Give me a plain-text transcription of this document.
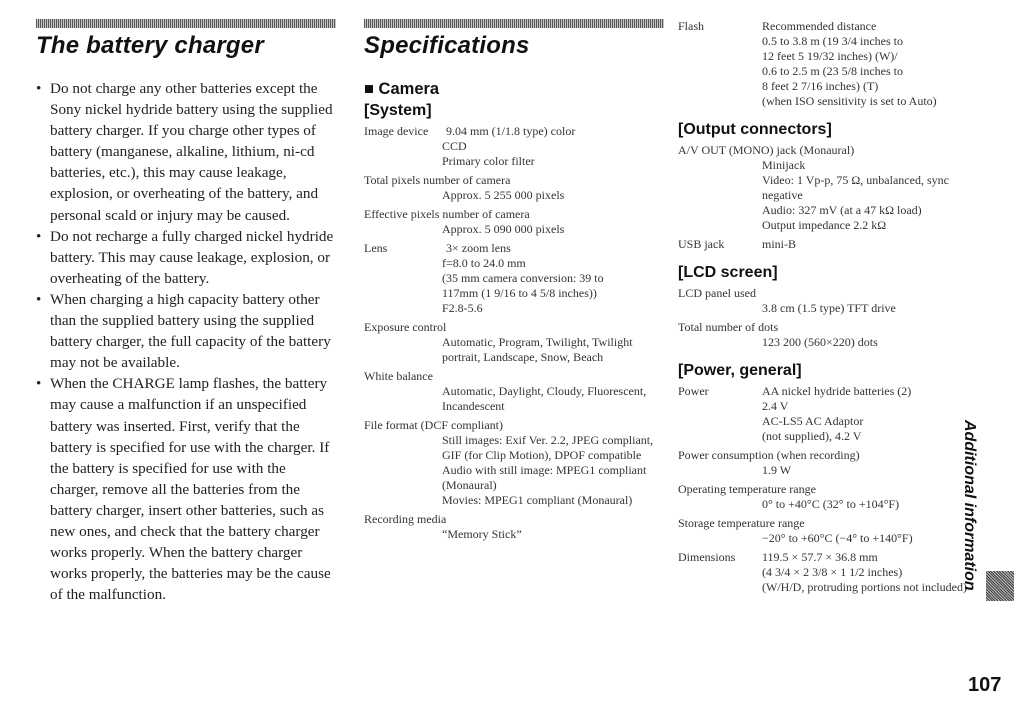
The battery charger
• Do not charge any other batteries except the Sony nickel hydride battery using the supplied battery charger. If you charge other types of battery (manganese, alkaline, lithium, ni-cd batteries, etc.), this may cause leakage, explosion, or overheating of the battery, and personal scald or injury may be caused.
• Do not recharge a fully charged nickel hydride battery. This may cause leakage, explosion, or overheating of the battery.
• When charging a high capacity battery other than the supplied battery using the supplied battery charger, the full capacity of the battery may not be available.
• When the CHARGE lamp flashes, the battery may cause a malfunction if an unspecified battery was inserted. First, verify that the battery is specified for use with the charger. If the battery is specified for use with the charger, remove all the batteries from the battery charger, insert other batteries, such as new ones, and check that the battery charger works properly. When the battery charger works properly, the batteries may be the cause of the malfunction.
Specifications
■ Camera
[System]
Image device	9.04 mm (1/1.8 type) color
CCD
Primary color filter
Total pixels number of camera
Approx. 5 255 000 pixels
Effective pixels number of camera
Approx. 5 090 000 pixels
Lens	3× zoom lens
f=8.0 to 24.0 mm
(35 mm camera conversion: 39 to
117mm (1 9/16 to 4 5/8 inches))
F2.8-5.6
Exposure control
Automatic, Program, Twilight, Twilight portrait, Landscape, Snow, Beach
White balance
Automatic, Daylight, Cloudy, Fluorescent, Incandescent
File format (DCF compliant)
Still images: Exif Ver. 2.2, JPEG compliant, GIF (for Clip Motion), DPOF compatible
Audio with still image: MPEG1 compliant (Monaural)
Movies: MPEG1 compliant (Monaural)
Recording media
“Memory Stick”
Flash	Recommended distance
0.5 to 3.8 m (19 3/4 inches to
12 feet 5 19/32 inches) (W)/
0.6 to 2.5 m (23 5/8 inches to
8 feet 2 7/16 inches) (T)
(when ISO sensitivity is set to Auto)
[Output connectors]
A/V OUT (MONO) jack (Monaural)
Minijack
Video: 1 Vp-p, 75 Ω, unbalanced, sync negative
Audio: 327 mV (at a 47 kΩ load)
Output impedance 2.2 kΩ
USB jack	mini-B
[LCD screen]
LCD panel used
3.8 cm (1.5 type) TFT drive
Total number of dots
123 200 (560×220) dots
[Power, general]
Power	AA nickel hydride batteries (2)
2.4 V
AC-LS5 AC Adaptor
(not supplied), 4.2 V
Power consumption (when recording)
1.9 W
Operating temperature range
0° to +40°C (32° to +104°F)
Storage temperature range
−20° to +60°C (−4° to +140°F)
Dimensions	119.5 × 57.7 × 36.8 mm
(4 3/4 × 2 3/8 × 1 1/2 inches)
(W/H/D, protruding portions not included)
Additional information
107
